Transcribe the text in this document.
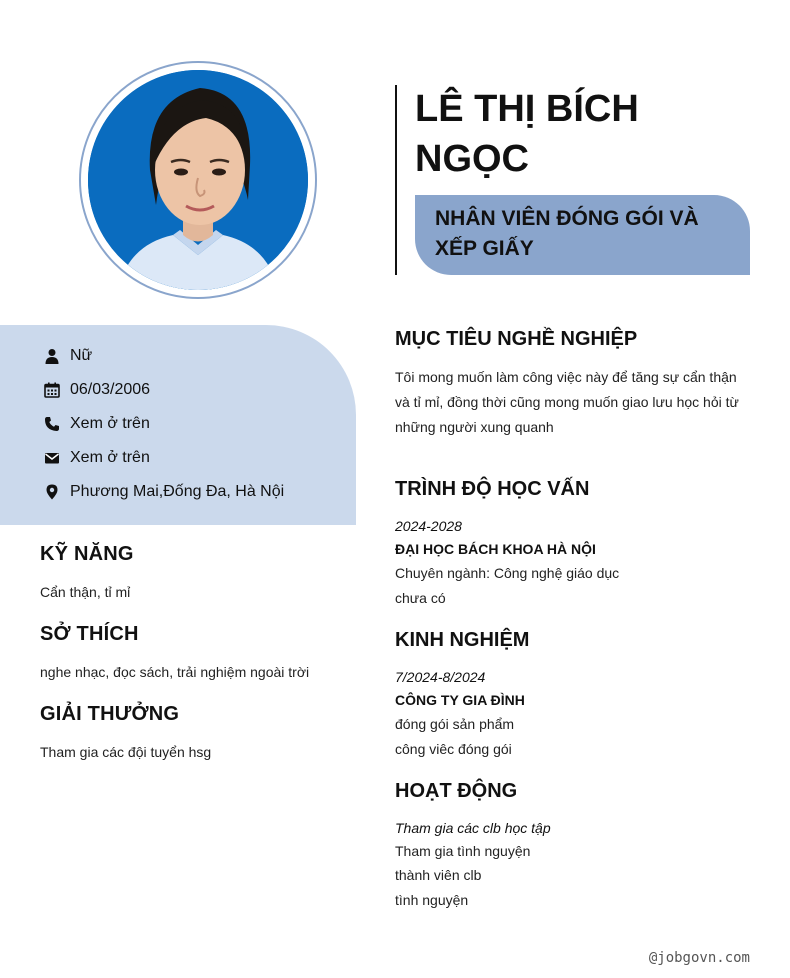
Nữ
06/03/2006
Xem ở trên
Xem ở trên
Phương Mai,Đống Đa, Hà Nội
KỸ NĂNG
Cẩn thận, tỉ mỉ
SỞ THÍCH
nghe nhạc, đọc sách, trải nghiệm ngoài trời
GIẢI THƯỞNG
Tham gia các đội tuyển hsg
LÊ THỊ BÍCH NGỌC
NHÂN VIÊN ĐÓNG GÓI VÀ XẾP GIẤY
MỤC TIÊU NGHỀ NGHIỆP
Tôi mong muốn làm công việc này để tăng sự cẩn thận và tỉ mỉ, đồng thời cũng mong muốn giao lưu học hỏi từ những người xung quanh
TRÌNH ĐỘ HỌC VẤN
2024-2028
ĐẠI HỌC BÁCH KHOA HÀ NỘI
Chuyên ngành: Công nghệ giáo dục
chưa có
KINH NGHIỆM
7/2024-8/2024
CÔNG TY GIA ĐÌNH
đóng gói sản phẩm
công viêc đóng gói
HOẠT ĐỘNG
Tham gia các clb học tập
Tham gia tình nguyện
thành viên clb
tình nguyện
@jobgovn.com
